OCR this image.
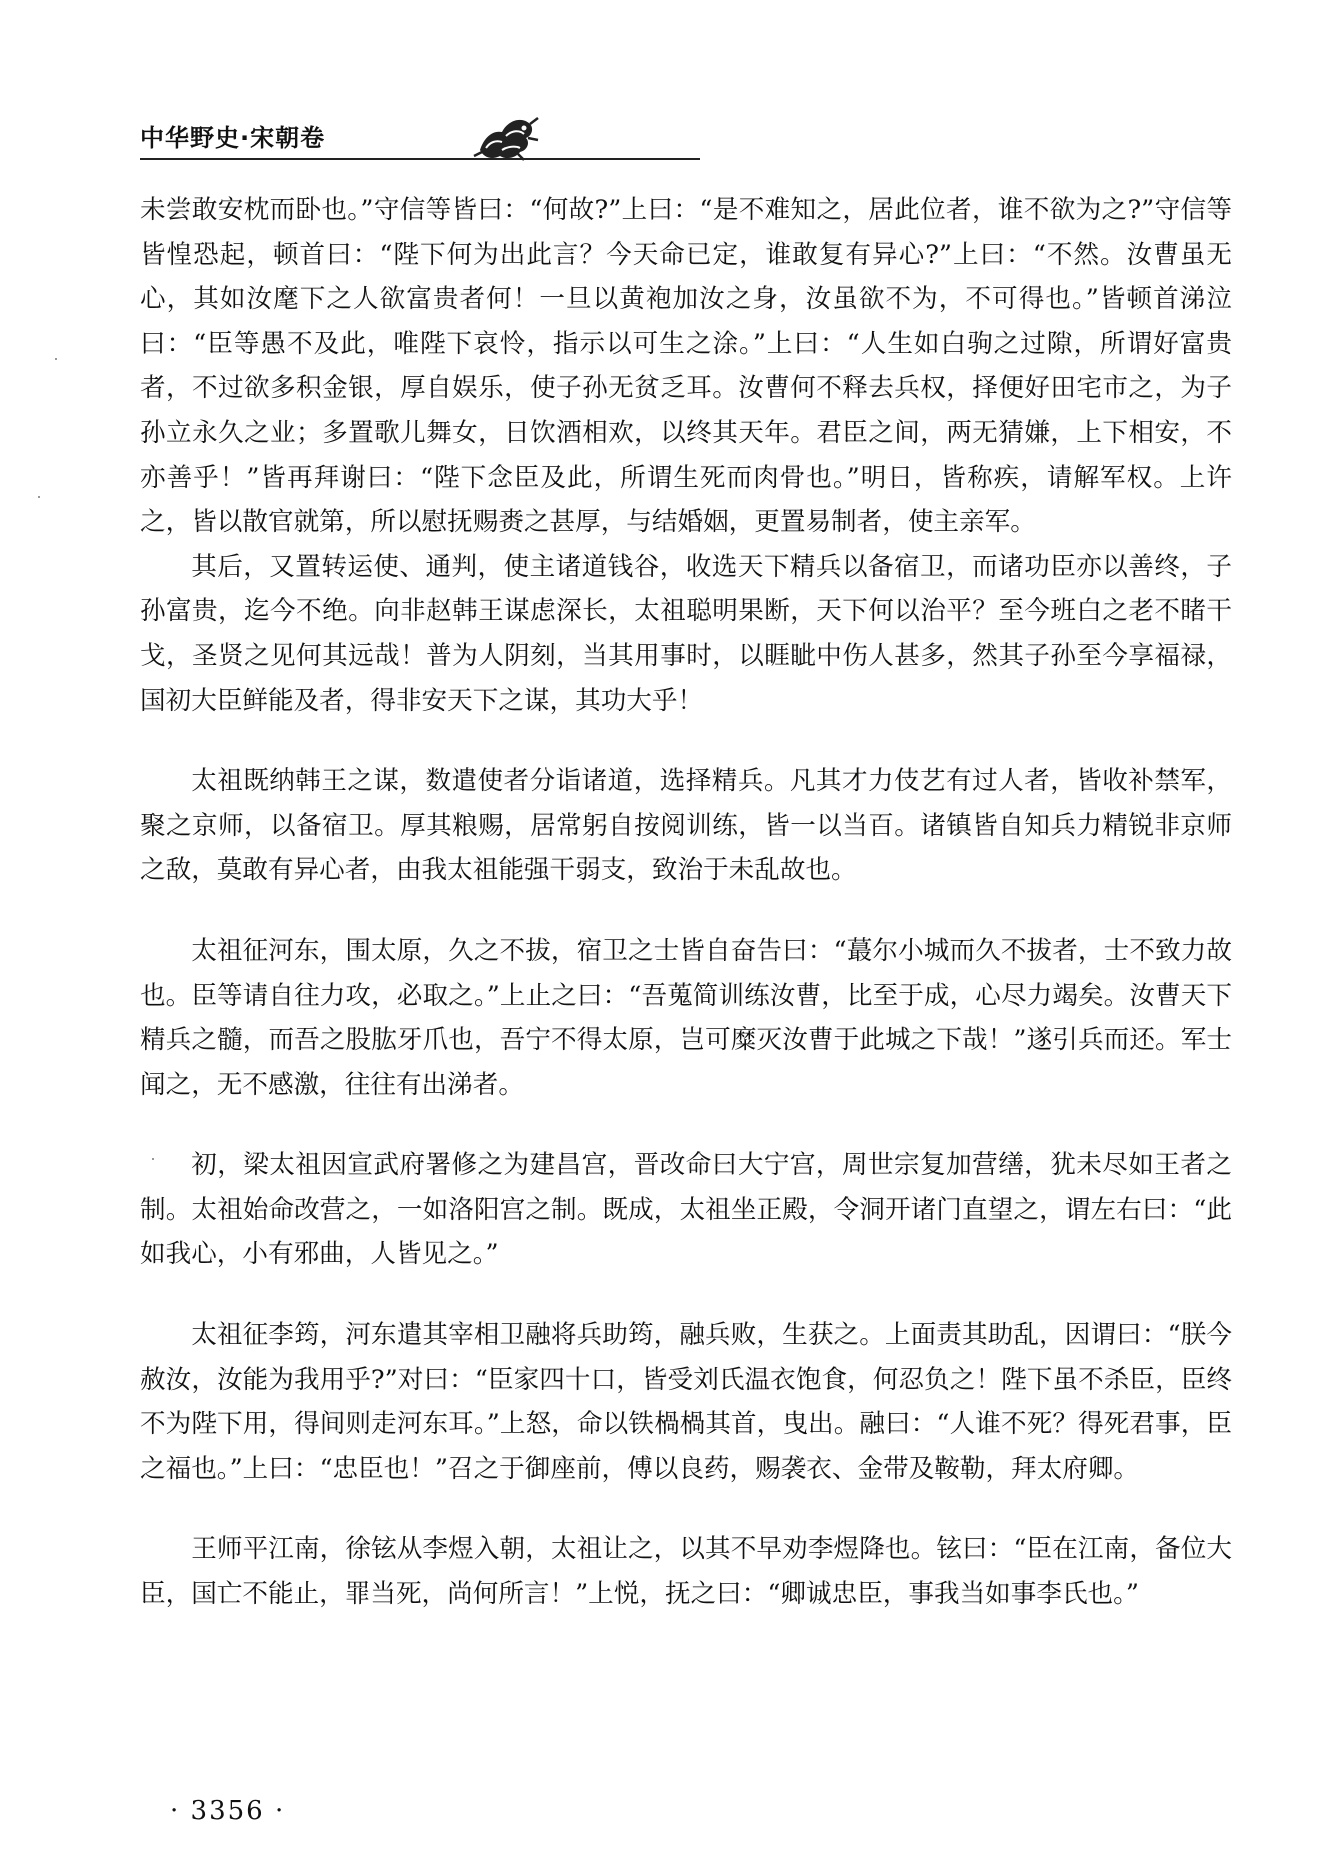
中华野史·宋朝卷

未尝敢安枕而卧也。”守信等皆曰：“何故?”上曰：“是不难知之，居此位者，谁不欲为之?”守信等皆惶恐起，顿首曰：“陛下何为出此言？今天命已定，谁敢复有异心?”上曰：“不然。汝曹虽无心，其如汝麾下之人欲富贵者何！一旦以黄袍加汝之身，汝虽欲不为，不可得也。”皆顿首涕泣曰：“臣等愚不及此，唯陛下哀怜，指示以可生之涂。”上曰：“人生如白驹之过隙，所谓好富贵者，不过欲多积金银，厚自娱乐，使子孙无贫乏耳。汝曹何不释去兵权，择便好田宅市之，为子孙立永久之业；多置歌儿舞女，日饮酒相欢，以终其天年。君臣之间，两无猜嫌，上下相安，不亦善乎！”皆再拜谢曰：“陛下念臣及此，所谓生死而肉骨也。”明日，皆称疾，请解军权。上许之，皆以散官就第，所以慰抚赐赉之甚厚，与结婚姻，更置易制者，使主亲军。

其后，又置转运使、通判，使主诸道钱谷，收选天下精兵以备宿卫，而诸功臣亦以善终，子孙富贵，迄今不绝。向非赵韩王谋虑深长，太祖聪明果断，天下何以治平？至今班白之老不睹干戈，圣贤之见何其远哉！普为人阴刻，当其用事时，以睚眦中伤人甚多，然其子孙至今享福禄，国初大臣鲜能及者，得非安天下之谋，其功大乎！

太祖既纳韩王之谋，数遣使者分诣诸道，选择精兵。凡其才力伎艺有过人者，皆收补禁军，聚之京师，以备宿卫。厚其粮赐，居常躬自按阅训练，皆一以当百。诸镇皆自知兵力精锐非京师之敌，莫敢有异心者，由我太祖能强干弱支，致治于未乱故也。

太祖征河东，围太原，久之不拔，宿卫之士皆自奋告曰：“蕞尔小城而久不拔者，士不致力故也。臣等请自往力攻，必取之。”上止之曰：“吾蒐简训练汝曹，比至于成，心尽力竭矣。汝曹天下精兵之髓，而吾之股肱牙爪也，吾宁不得太原，岂可糜灭汝曹于此城之下哉！”遂引兵而还。军士闻之，无不感激，往往有出涕者。

初，梁太祖因宣武府署修之为建昌宫，晋改命曰大宁宫，周世宗复加营缮，犹未尽如王者之制。太祖始命改营之，一如洛阳宫之制。既成，太祖坐正殿，令洞开诸门直望之，谓左右曰：“此如我心，小有邪曲，人皆见之。”

太祖征李筠，河东遣其宰相卫融将兵助筠，融兵败，生获之。上面责其助乱，因谓曰：“朕今赦汝，汝能为我用乎?”对曰：“臣家四十口，皆受刘氏温衣饱食，何忍负之！陛下虽不杀臣，臣终不为陛下用，得间则走河东耳。”上怒，命以铁楇楇其首，曳出。融曰：“人谁不死？得死君事，臣之福也。”上曰：“忠臣也！”召之于御座前，傅以良药，赐袭衣、金带及鞍勒，拜太府卿。

王师平江南，徐铉从李煜入朝，太祖让之，以其不早劝李煜降也。铉曰：“臣在江南，备位大臣，国亡不能止，罪当死，尚何所言！”上悦，抚之曰：“卿诚忠臣，事我当如事李氏也。”

· 3356 ·
